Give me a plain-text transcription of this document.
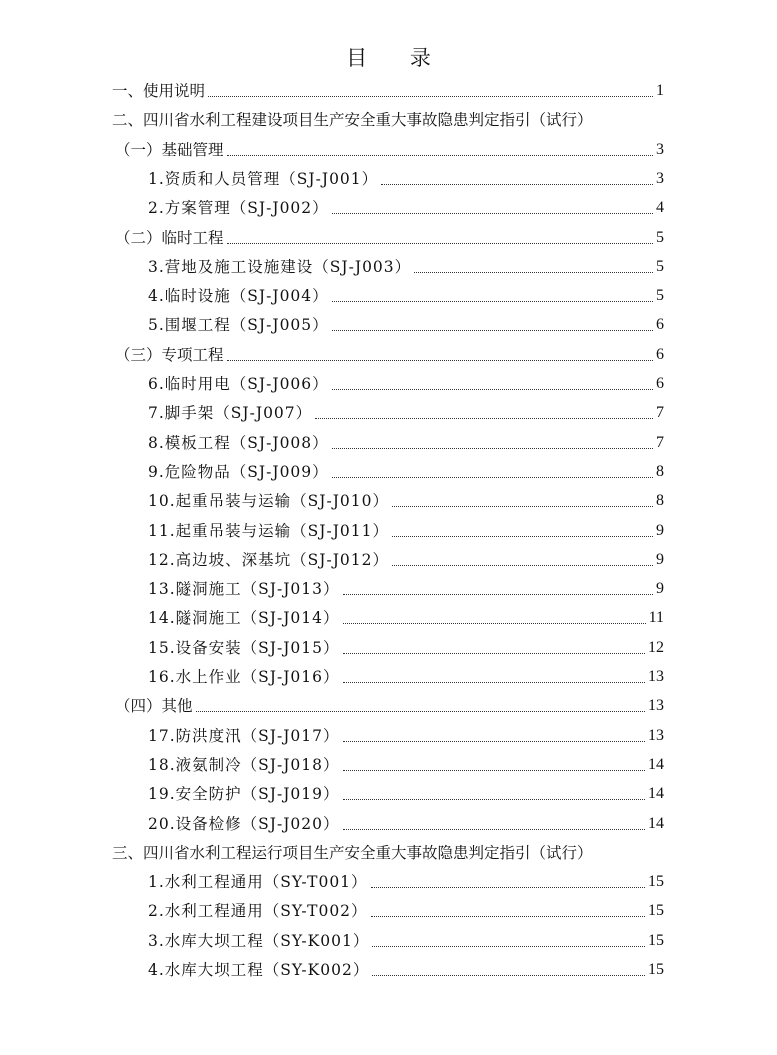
目 录
一、使用说明	1
二、四川省水利工程建设项目生产安全重大事故隐患判定指引（试行）
（一）基础管理	3
1.资质和人员管理（SJ-J001）	3
2.方案管理（SJ-J002）	4
（二）临时工程	5
3.营地及施工设施建设（SJ-J003）	5
4.临时设施（SJ-J004）	5
5.围堰工程（SJ-J005）	6
（三）专项工程	6
6.临时用电（SJ-J006）	6
7.脚手架（SJ-J007）	7
8.模板工程（SJ-J008）	7
9.危险物品（SJ-J009）	8
10.起重吊装与运输（SJ-J010）	8
11.起重吊装与运输（SJ-J011）	9
12.高边坡、深基坑（SJ-J012）	9
13.隧洞施工（SJ-J013）	9
14.隧洞施工（SJ-J014）	11
15.设备安装（SJ-J015）	12
16.水上作业（SJ-J016）	13
（四）其他	13
17.防洪度汛（SJ-J017）	13
18.液氨制冷（SJ-J018）	14
19.安全防护（SJ-J019）	14
20.设备检修（SJ-J020）	14
三、四川省水利工程运行项目生产安全重大事故隐患判定指引（试行）
1.水利工程通用（SY-T001）	15
2.水利工程通用（SY-T002）	15
3.水库大坝工程（SY-K001）	15
4.水库大坝工程（SY-K002）	15
